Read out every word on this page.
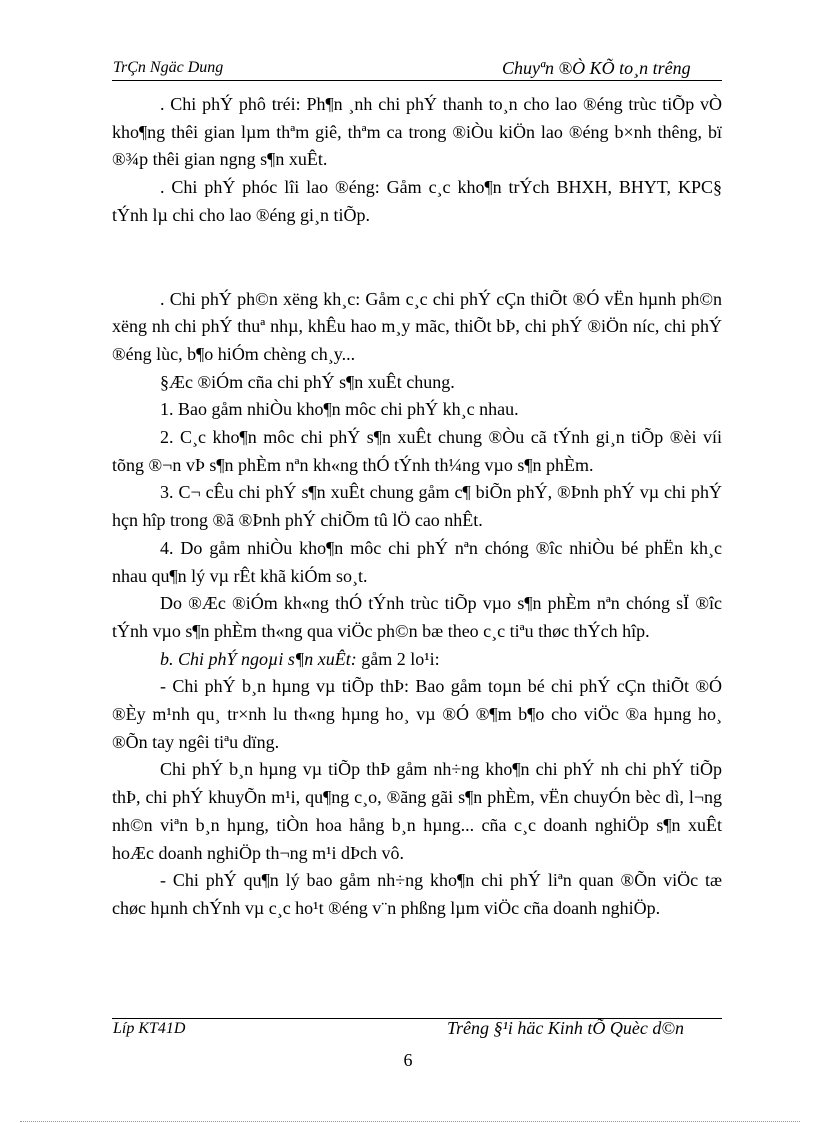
TrÇn Ngäc Dung	Chuyªn ®Ò KÕ to¸n trêng

. Chi phÝ phô tréi: Ph¶n ¸nh chi phÝ thanh to¸n cho lao ®éng trùc tiÕp vÒ kho¶ng thêi gian lµm thªm giê, thªm ca trong ®iÒu kiÖn lao ®éng b×nh thêng, bï ®¾p thêi gian ngng s¶n xuÊt.

. Chi phÝ phóc lîi lao ®éng: Gåm c¸c kho¶n trÝch BHXH, BHYT, KPC§ tÝnh lµ chi cho lao ®éng gi¸n tiÕp.

. Chi phÝ ph©n xëng kh¸c: Gåm c¸c chi phÝ cÇn thiÕt ®Ó vËn hµnh ph©n xëng nh chi phÝ thuª nhµ, khÊu hao m¸y mãc, thiÕt bÞ, chi phÝ ®iÖn níc, chi phÝ ®éng lùc, b¶o hiÓm chèng ch¸y...

§Æc ®iÓm cña chi phÝ s¶n xuÊt chung.

1. Bao gåm nhiÒu kho¶n môc chi phÝ kh¸c nhau.

2. C¸c kho¶n môc chi phÝ s¶n xuÊt chung ®Òu cã tÝnh gi¸n tiÕp ®èi víi tõng ®¬n vÞ s¶n phÈm nªn kh«ng thÓ tÝnh th¼ng vµo s¶n phÈm.

3. C¬ cÊu chi phÝ s¶n xuÊt chung gåm c¶ biÕn phÝ, ®Þnh phÝ vµ chi phÝ hçn hîp trong ®ã ®Þnh phÝ chiÕm tû lÖ cao nhÊt.

4. Do gåm nhiÒu kho¶n môc chi phÝ nªn chóng ®îc nhiÒu bé phËn kh¸c nhau qu¶n lý vµ rÊt khã kiÓm so¸t.

Do ®Æc ®iÓm kh«ng thÓ tÝnh trùc tiÕp vµo s¶n phÈm nªn chóng sÏ ®îc tÝnh vµo s¶n phÈm th«ng qua viÖc ph©n bæ theo c¸c tiªu thøc thÝch hîp.

b. Chi phÝ ngoµi s¶n xuÊt: gåm 2 lo¹i:

- Chi phÝ b¸n hµng vµ tiÕp thÞ: Bao gåm toµn bé chi phÝ cÇn thiÕt ®Ó ®Èy m¹nh qu¸ tr×nh lu th«ng hµng ho¸ vµ ®Ó ®¶m b¶o cho viÖc ®a hµng ho¸ ®Õn tay ngêi tiªu dïng.

Chi phÝ b¸n hµng vµ tiÕp thÞ gåm nh÷ng kho¶n chi phÝ nh chi phÝ tiÕp thÞ, chi phÝ khuyÕn m¹i, qu¶ng c¸o, ®ãng gãi s¶n phÈm, vËn chuyÓn bèc dì, l¬ng nh©n viªn b¸n hµng, tiÒn hoa hång b¸n hµng... cña c¸c doanh nghiÖp s¶n xuÊt hoÆc doanh nghiÖp th¬ng m¹i dÞch vô.

- Chi phÝ qu¶n lý bao gåm nh÷ng kho¶n chi phÝ liªn quan ®Õn viÖc tæ chøc hµnh chÝnh vµ c¸c ho¹t ®éng v¨n phßng lµm viÖc cña doanh nghiÖp.

Líp KT41D	Trêng §¹i häc Kinh tÕ Quèc d©n
6
